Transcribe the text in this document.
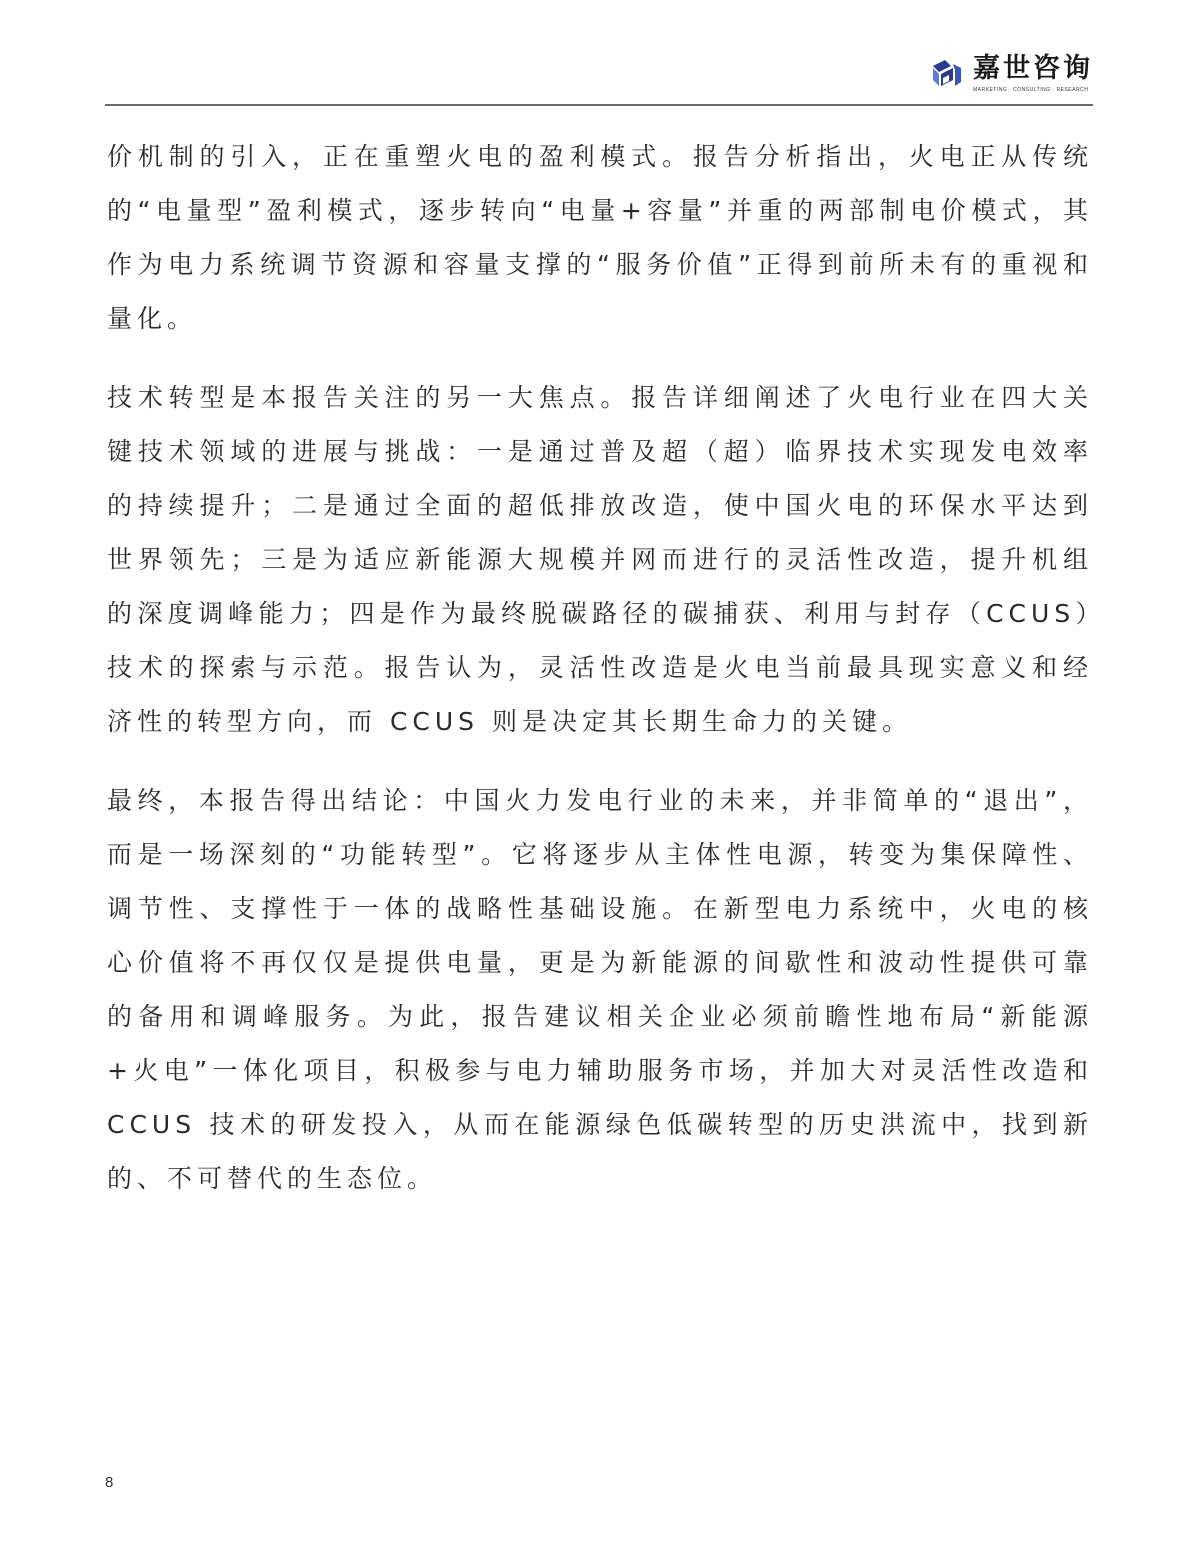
嘉世咨询
MARKETING · CONSULTING · RESEARCH

价机制的引入，正在重塑火电的盈利模式。报告分析指出，火电正从传统的“电量型”盈利模式，逐步转向“电量+容量”并重的两部制电价模式，其作为电力系统调节资源和容量支撑的“服务价值”正得到前所未有的重视和量化。

技术转型是本报告关注的另一大焦点。报告详细阐述了火电行业在四大关键技术领域的进展与挑战：一是通过普及超（超）临界技术实现发电效率的持续提升；二是通过全面的超低排放改造，使中国火电的环保水平达到世界领先；三是为适应新能源大规模并网而进行的灵活性改造，提升机组的深度调峰能力；四是作为最终脱碳路径的碳捕获、利用与封存（CCUS）技术的探索与示范。报告认为，灵活性改造是火电当前最具现实意义和经济性的转型方向，而 CCUS 则是决定其长期生命力的关键。

最终，本报告得出结论：中国火力发电行业的未来，并非简单的“退出”，而是一场深刻的“功能转型”。它将逐步从主体性电源，转变为集保障性、调节性、支撑性于一体的战略性基础设施。在新型电力系统中，火电的核心价值将不再仅仅是提供电量，更是为新能源的间歇性和波动性提供可靠的备用和调峰服务。为此，报告建议相关企业必须前瞻性地布局“新能源+火电”一体化项目，积极参与电力辅助服务市场，并加大对灵活性改造和 CCUS 技术的研发投入，从而在能源绿色低碳转型的历史洪流中，找到新的、不可替代的生态位。

8
